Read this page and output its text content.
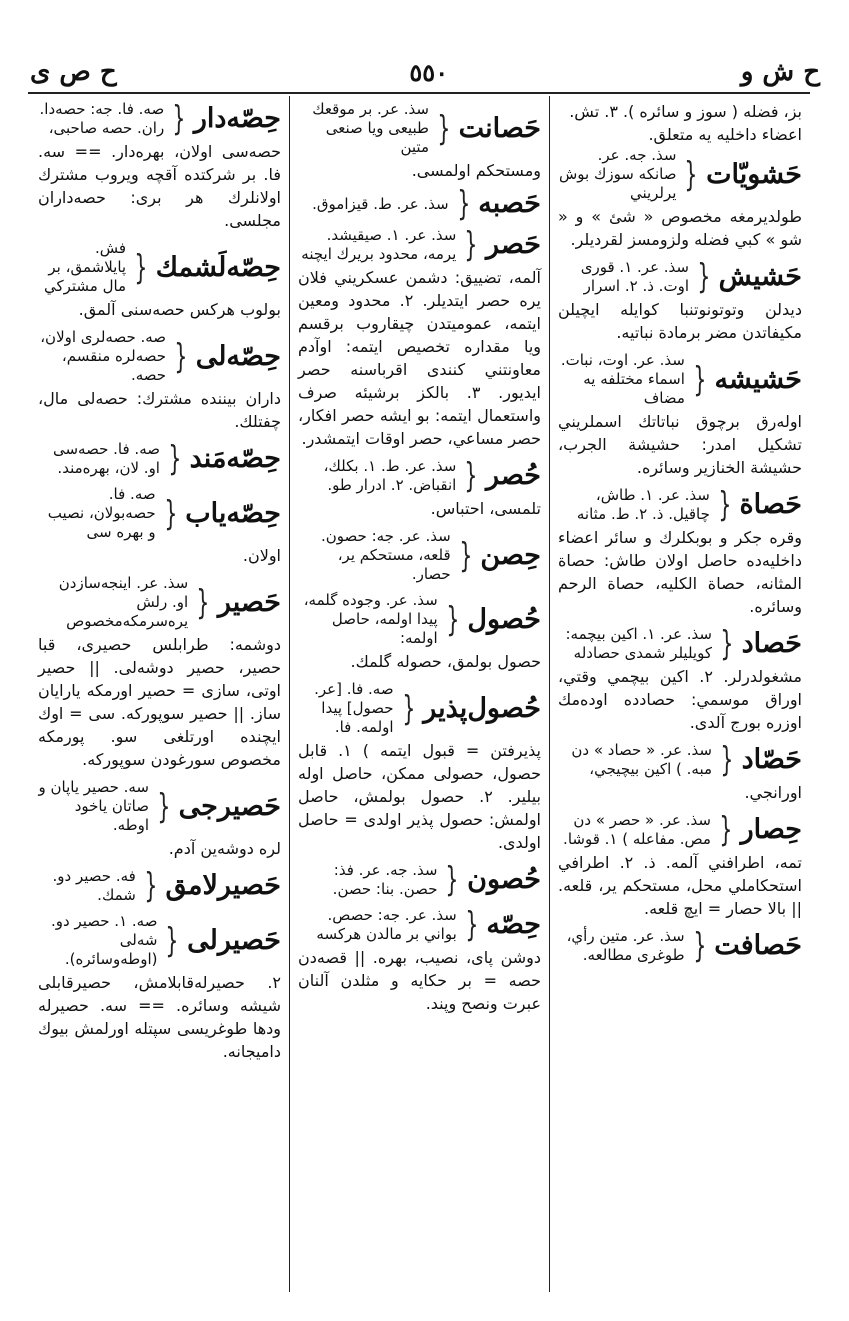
ح ش و
٥٥٠
ح ص ى
بز، فضله ( سوز و سائره ). ٣. تش. اعضاء داخليه يه متعلق.
حَشويّات
{
سذ. جه. عر. صانكه سوزك بوش يرلريني
طولديرمغه مخصوص « شئ » و « شو » كبي فضله ولزومسز لقرديلر.
حَشيش
{
سذ. عر. ١. قورى اوت. ذ. ٢. اسرار
ديدلن وتوتونوتنبا كوايله ايچيلن مكيفاتدن مضر برمادة نباتيه.
حَشيشه
{
سذ. عر. اوت، نبات. اسماء مختلفه يه مضاف
اوله‌رق برچوق نباتاتك اسملريني تشكيل امدر: حشيشة الجرب، حشيشة الخنازير وسائره.
حَصاة
{
سذ. عر. ١. طاش، چاقيل. ذ. ٢. ط. مثانه
وقره جكر و بوبكلرك و سائر اعضاء داخليه‌ده حاصل اولان طاش: حصاة المثانه، حصاة الكليه، حصاة الرحم وسائره.
حَصاد
{
سذ. عر. ١. اكين بيچمه: كويليلر شمدى حصادله
مشغولدرلر. ٢. اكين بيچمي وقتي، اوراق موسمي: حصادده اوده‌مك اوزره بورج آلدى.
حَصّاد
{
سذ. عر. « حصاد » دن مبه. ) اكين بيچيجي،
اورانجي.
حِصار
{
سذ. عر. « حصر » دن مص. مفاعله ) ١. قوشا.
تمه، اطرافني آلمه. ذ. ٢. اطرافي استحكاملي محل، مستحكم ير، قلعه. || بالا حصار = ايچ قلعه.
حَصافت
{
سذ. عر. متين رأي، طوغرى مطالعه.
حَصانت
{
سذ. عر. بر موقعك طبيعى ويا صنعى متين
ومستحكم اولمسى.
حَصبه
{
سذ. عر. ط. قيزاموق.
حَصر
{
سذ. عر. ١. صيقيشد. يرمه، محدود بريرك ايچنه
آلمه، تضييق: دشمن عسكريني فلان يره حصر ايتديلر. ٢. محدود ومعين ايتمه، عموميتدن چيقاروب برقسم ويا مقداره تخصيص ايتمه: اوآدم معاونتني كنندى اقرباسنه حصر ايديور. ٣. بالكز برشيئه صرف واستعمال ايتمه: بو ايشه حصر افكار، حصر مساعي، حصر اوقات ايتمشدر.
حُصر
{
سذ. عر. ط. ١. بكلك، انقباض. ٢. ادرار طو.
تلمسى، احتباس.
حِصن
{
سذ. عر. جه: حصون. قلعه، مستحكم ير، حصار.
حُصول
{
سذ. عر. وجوده گلمه، پيدا اولمه، حاصل اولمه:
حصول بولمق، حصوله گلمك.
حُصول‌پذير
{
صه. فا. [عر. حصول] پيدا اولمه. فا.
پذيرفتن = قبول ايتمه ) ١. قابل حصول، حصولى ممكن، حاصل اوله بيلير. ٢. حصول بولمش، حاصل اولمش: حصول پذير اولدى = حاصل اولدى.
حُصون
{
سذ. جه. عر. فذ: حصن. بنا: حصن.
حِصّه
{
سذ. عر. جه: حصص. بواني بر مالدن هركسه
دوشن پاى، نصيب، بهره. || قصه‌دن حصه = بر حكايه و مثلدن آلنان عبرت ونصح وپند.
حِصّه‌دار
{
صه. فا. جه: حصه‌دا. ران. حصه صاحبى،
حصه‌سى اولان، بهره‌دار. == سه. فا. بر شركتده آقچه ويروب مشترك اولانلرك هر برى: حصه‌داران مجلسى.
حِصّه‌لَشمك
{
فش. پايلاشمق، بر مال مشتركي
بولوب هركس حصه‌سنى آلمق.
حِصّه‌لى
{
صه. حصه‌لرى اولان، حصه‌لره منقسم، حصه.
داران بيننده مشترك: حصه‌لى مال، چفتلك.
حِصّه‌مَند
{
صه. فا. حصه‌سى او. لان، بهره‌مند.
حِصّه‌ياب
{
صه. فا. حصه‌بولان، نصيب و بهره سى
اولان.
حَصير
{
سذ. عر. اينجه‌سازدن او. رلش يره‌سرمكه‌مخصوص
دوشمه: طرابلس حصيرى، قبا حصير، حصير دوشه‌لى. || حصير اوتى، سازى = حصير اورمكه يارايان ساز. || حصير سوپوركه. سى = اوك ايچنده اورتلغى سو. پورمكه مخصوص سورغودن سوپوركه.
حَصيرجى
{
سه. حصير ياپان و صاتان ياخود اوطه.
لره دوشه‌ين آدم.
حَصيرلامق
{
فه. حصير دو. شمك.
حَصيرلى
{
صه. ١. حصير دو. شه‌لى (اوطه‌وسائره).
٢. حصيرله‌قابلامش، حصيرقابلى شيشه وسائره. == سه. حصيرله ودها طوغريسى سپتله اورلمش بيوك داميجانه.
